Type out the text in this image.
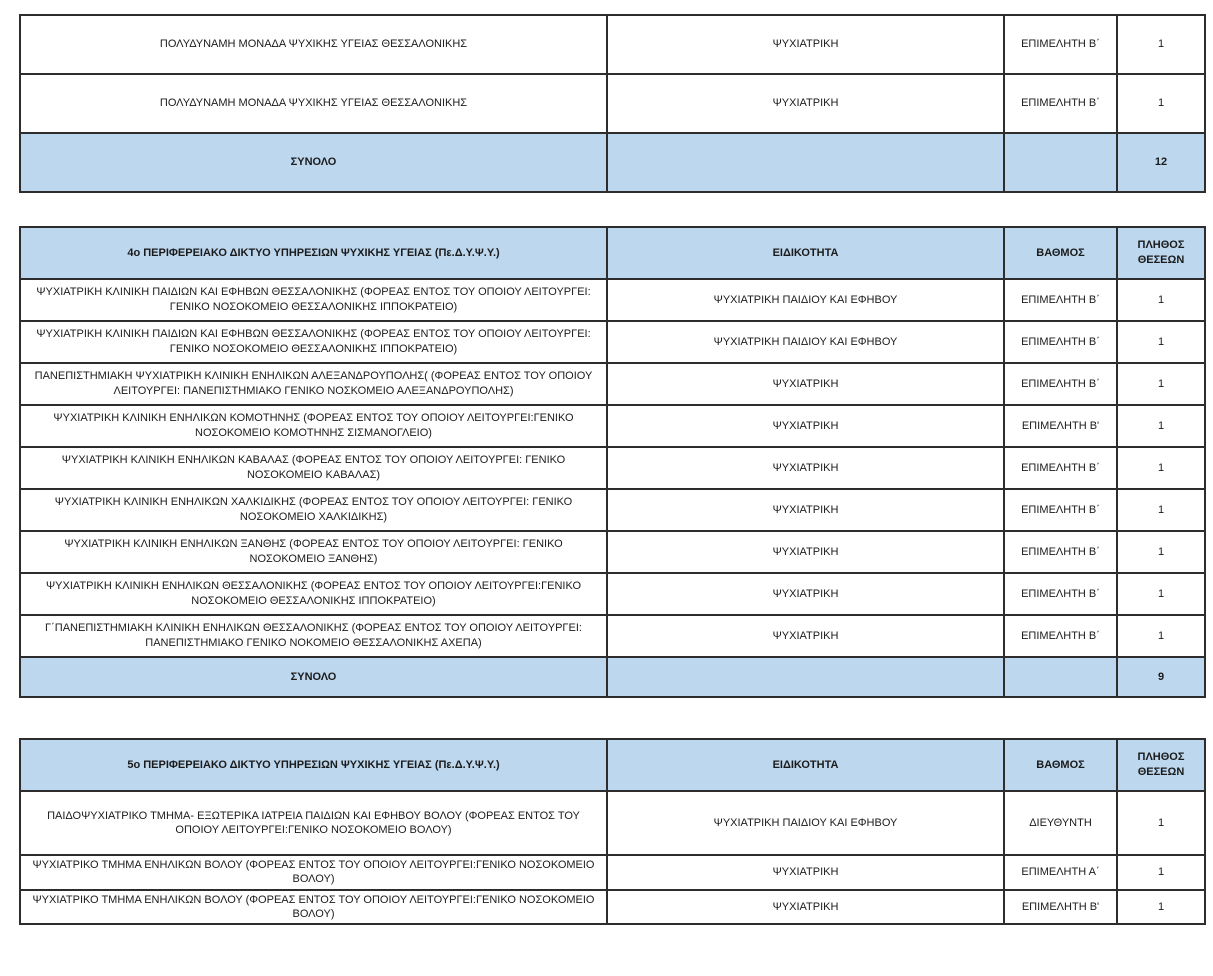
ΠΟΛΥΔΥΝΑΜΗ ΜΟΝΑΔΑ ΨΥΧΙΚΗΣ ΥΓΕΙΑΣ ΘΕΣΣΑΛΟΝΙΚΗΣ	ΨΥΧΙΑΤΡΙΚΗ	ΕΠΙΜΕΛΗΤΗ Β΄	1
ΠΟΛΥΔΥΝΑΜΗ ΜΟΝΑΔΑ ΨΥΧΙΚΗΣ ΥΓΕΙΑΣ ΘΕΣΣΑΛΟΝΙΚΗΣ	ΨΥΧΙΑΤΡΙΚΗ	ΕΠΙΜΕΛΗΤΗ Β΄	1
ΣΥΝΟΛΟ			12
4ο ΠΕΡΙΦΕΡΕΙΑΚΟ ΔΙΚΤΥΟ ΥΠΗΡΕΣΙΩΝ ΨΥΧΙΚΗΣ ΥΓΕΙΑΣ (Πε.Δ.Υ.Ψ.Υ.)	ΕΙΔΙΚΟΤΗΤΑ	ΒΑΘΜΟΣ	ΠΛΗΘΟΣ ΘΕΣΕΩΝ
ΨΥΧΙΑΤΡΙΚΗ ΚΛΙΝΙΚΗ ΠΑΙΔΙΩΝ ΚΑΙ ΕΦΗΒΩΝ ΘΕΣΣΑΛΟΝΙΚΗΣ (ΦΟΡΕΑΣ ΕΝΤΟΣ ΤΟΥ ΟΠΟΙΟΥ ΛΕΙΤΟΥΡΓΕΙ: ΓΕΝΙΚΟ ΝΟΣΟΚΟΜΕΙΟ ΘΕΣΣΑΛΟΝΙΚΗΣ ΙΠΠΟΚΡΑΤΕΙΟ)	ΨΥΧΙΑΤΡΙΚΗ ΠΑΙΔΙΟΥ ΚΑΙ ΕΦΗΒΟΥ	ΕΠΙΜΕΛΗΤΗ Β΄	1
ΨΥΧΙΑΤΡΙΚΗ ΚΛΙΝΙΚΗ ΠΑΙΔΙΩΝ ΚΑΙ ΕΦΗΒΩΝ ΘΕΣΣΑΛΟΝΙΚΗΣ (ΦΟΡΕΑΣ ΕΝΤΟΣ ΤΟΥ ΟΠΟΙΟΥ ΛΕΙΤΟΥΡΓΕΙ: ΓΕΝΙΚΟ ΝΟΣΟΚΟΜΕΙΟ ΘΕΣΣΑΛΟΝΙΚΗΣ ΙΠΠΟΚΡΑΤΕΙΟ)	ΨΥΧΙΑΤΡΙΚΗ ΠΑΙΔΙΟΥ ΚΑΙ ΕΦΗΒΟΥ	ΕΠΙΜΕΛΗΤΗ Β΄	1
ΠΑΝΕΠΙΣΤΗΜΙΑΚΗ ΨΥΧΙΑΤΡΙΚΗ ΚΛΙΝΙΚΗ ΕΝΗΛΙΚΩΝ ΑΛΕΞΑΝΔΡΟΥΠΟΛΗΣ( (ΦΟΡΕΑΣ ΕΝΤΟΣ ΤΟΥ ΟΠΟΙΟΥ ΛΕΙΤΟΥΡΓΕΙ: ΠΑΝΕΠΙΣΤΗΜΙΑΚΟ ΓΕΝΙΚΟ ΝΟΣΚΟΜΕΙΟ ΑΛΕΞΑΝΔΡΟΥΠΟΛΗΣ)	ΨΥΧΙΑΤΡΙΚΗ	ΕΠΙΜΕΛΗΤΗ Β΄	1
ΨΥΧΙΑΤΡΙΚΗ ΚΛΙΝΙΚΗ ΕΝΗΛΙΚΩΝ ΚΟΜΟΤΗΝΗΣ (ΦΟΡΕΑΣ ΕΝΤΟΣ ΤΟΥ ΟΠΟΙΟΥ ΛΕΙΤΟΥΡΓΕΙ:ΓΕΝΙΚΟ ΝΟΣΟΚΟΜΕΙΟ ΚΟΜΟΤΗΝΗΣ ΣΙΣΜΑΝΟΓΛΕΙΟ)	ΨΥΧΙΑΤΡΙΚΗ	ΕΠΙΜΕΛΗΤΗ Β'	1
ΨΥΧΙΑΤΡΙΚΗ ΚΛΙΝΙΚΗ ΕΝΗΛΙΚΩΝ ΚΑΒΑΛΑΣ (ΦΟΡΕΑΣ ΕΝΤΟΣ ΤΟΥ ΟΠΟΙΟΥ ΛΕΙΤΟΥΡΓΕΙ: ΓΕΝΙΚΟ ΝΟΣΟΚΟΜΕΙΟ ΚΑΒΑΛΑΣ)	ΨΥΧΙΑΤΡΙΚΗ	ΕΠΙΜΕΛΗΤΗ Β΄	1
ΨΥΧΙΑΤΡΙΚΗ ΚΛΙΝΙΚΗ ΕΝΗΛΙΚΩΝ ΧΑΛΚΙΔΙΚΗΣ (ΦΟΡΕΑΣ ΕΝΤΟΣ ΤΟΥ ΟΠΟΙΟΥ ΛΕΙΤΟΥΡΓΕΙ: ΓΕΝΙΚΟ ΝΟΣΟΚΟΜΕΙΟ ΧΑΛΚΙΔΙΚΗΣ)	ΨΥΧΙΑΤΡΙΚΗ	ΕΠΙΜΕΛΗΤΗ Β΄	1
ΨΥΧΙΑΤΡΙΚΗ ΚΛΙΝΙΚΗ ΕΝΗΛΙΚΩΝ ΞΑΝΘΗΣ (ΦΟΡΕΑΣ ΕΝΤΟΣ ΤΟΥ ΟΠΟΙΟΥ ΛΕΙΤΟΥΡΓΕΙ: ΓΕΝΙΚΟ ΝΟΣΟΚΟΜΕΙΟ ΞΑΝΘΗΣ)	ΨΥΧΙΑΤΡΙΚΗ	ΕΠΙΜΕΛΗΤΗ Β΄	1
ΨΥΧΙΑΤΡΙΚΗ ΚΛΙΝΙΚΗ ΕΝΗΛΙΚΩΝ ΘΕΣΣΑΛΟΝΙΚΗΣ (ΦΟΡΕΑΣ ΕΝΤΟΣ ΤΟΥ ΟΠΟΙΟΥ ΛΕΙΤΟΥΡΓΕΙ:ΓΕΝΙΚΟ ΝΟΣΟΚΟΜΕΙΟ ΘΕΣΣΑΛΟΝΙΚΗΣ ΙΠΠΟΚΡΑΤΕΙΟ)	ΨΥΧΙΑΤΡΙΚΗ	ΕΠΙΜΕΛΗΤΗ Β΄	1
Γ΄ΠΑΝΕΠΙΣΤΗΜΙΑΚΗ ΚΛΙΝΙΚΗ ΕΝΗΛΙΚΩΝ ΘΕΣΣΑΛΟΝΙΚΗΣ (ΦΟΡΕΑΣ ΕΝΤΟΣ ΤΟΥ ΟΠΟΙΟΥ ΛΕΙΤΟΥΡΓΕΙ: ΠΑΝΕΠΙΣΤΗΜΙΑΚΟ ΓΕΝΙΚΟ ΝΟΚΟΜΕΙΟ ΘΕΣΣΑΛΟΝΙΚΗΣ ΑΧΕΠΑ)	ΨΥΧΙΑΤΡΙΚΗ	ΕΠΙΜΕΛΗΤΗ Β΄	1
ΣΥΝΟΛΟ			9
5ο ΠΕΡΙΦΕΡΕΙΑΚΟ ΔΙΚΤΥΟ ΥΠΗΡΕΣΙΩΝ ΨΥΧΙΚΗΣ ΥΓΕΙΑΣ (Πε.Δ.Υ.Ψ.Υ.)	ΕΙΔΙΚΟΤΗΤΑ	ΒΑΘΜΟΣ	ΠΛΗΘΟΣ ΘΕΣΕΩΝ
ΠΑΙΔΟΨΥΧΙΑΤΡΙΚΟ ΤΜΗΜΑ- ΕΞΩΤΕΡΙΚΑ ΙΑΤΡΕΙΑ ΠΑΙΔΙΩΝ ΚΑΙ ΕΦΗΒΟΥ ΒΟΛΟΥ (ΦΟΡΕΑΣ ΕΝΤΟΣ ΤΟΥ ΟΠΟΙΟΥ ΛΕΙΤΟΥΡΓΕΙ:ΓΕΝΙΚΟ ΝΟΣΟΚΟΜΕΙΟ ΒΟΛΟΥ)	ΨΥΧΙΑΤΡΙΚΗ ΠΑΙΔΙΟΥ ΚΑΙ ΕΦΗΒΟΥ	ΔΙΕΥΘΥΝΤΗ	1
ΨΥΧΙΑΤΡΙΚΟ ΤΜΗΜΑ ΕΝΗΛΙΚΩΝ ΒΟΛΟΥ (ΦΟΡΕΑΣ ΕΝΤΟΣ ΤΟΥ ΟΠΟΙΟΥ ΛΕΙΤΟΥΡΓΕΙ:ΓΕΝΙΚΟ ΝΟΣΟΚΟΜΕΙΟ ΒΟΛΟΥ)	ΨΥΧΙΑΤΡΙΚΗ	ΕΠΙΜΕΛΗΤΗ Α΄	1
ΨΥΧΙΑΤΡΙΚΟ ΤΜΗΜΑ ΕΝΗΛΙΚΩΝ ΒΟΛΟΥ (ΦΟΡΕΑΣ ΕΝΤΟΣ ΤΟΥ ΟΠΟΙΟΥ ΛΕΙΤΟΥΡΓΕΙ:ΓΕΝΙΚΟ ΝΟΣΟΚΟΜΕΙΟ ΒΟΛΟΥ)	ΨΥΧΙΑΤΡΙΚΗ	ΕΠΙΜΕΛΗΤΗ Β'	1
